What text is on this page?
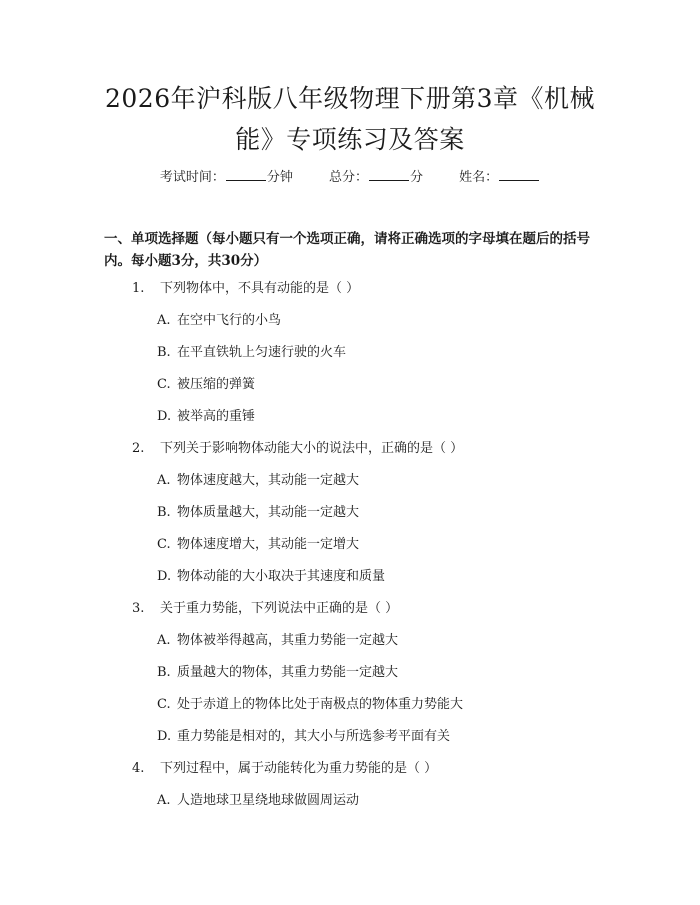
2026年沪科版八年级物理下册第3章《机械
能》专项练习及答案
考试时间：	分钟	总分：	分	姓名：

一、单项选择题（每小题只有一个选项正确，请将正确选项的字母填在题后的括号内。每小题3分，共30分）

1. 下列物体中，不具有动能的是（ ）
A. 在空中飞行的小鸟
B. 在平直铁轨上匀速行驶的火车
C. 被压缩的弹簧
D. 被举高的重锤
2. 下列关于影响物体动能大小的说法中，正确的是（ ）
A. 物体速度越大，其动能一定越大
B. 物体质量越大，其动能一定越大
C. 物体速度增大，其动能一定增大
D. 物体动能的大小取决于其速度和质量
3. 关于重力势能，下列说法中正确的是（ ）
A. 物体被举得越高，其重力势能一定越大
B. 质量越大的物体，其重力势能一定越大
C. 处于赤道上的物体比处于南极点的物体重力势能大
D. 重力势能是相对的，其大小与所选参考平面有关
4. 下列过程中，属于动能转化为重力势能的是（ ）
A. 人造地球卫星绕地球做圆周运动
